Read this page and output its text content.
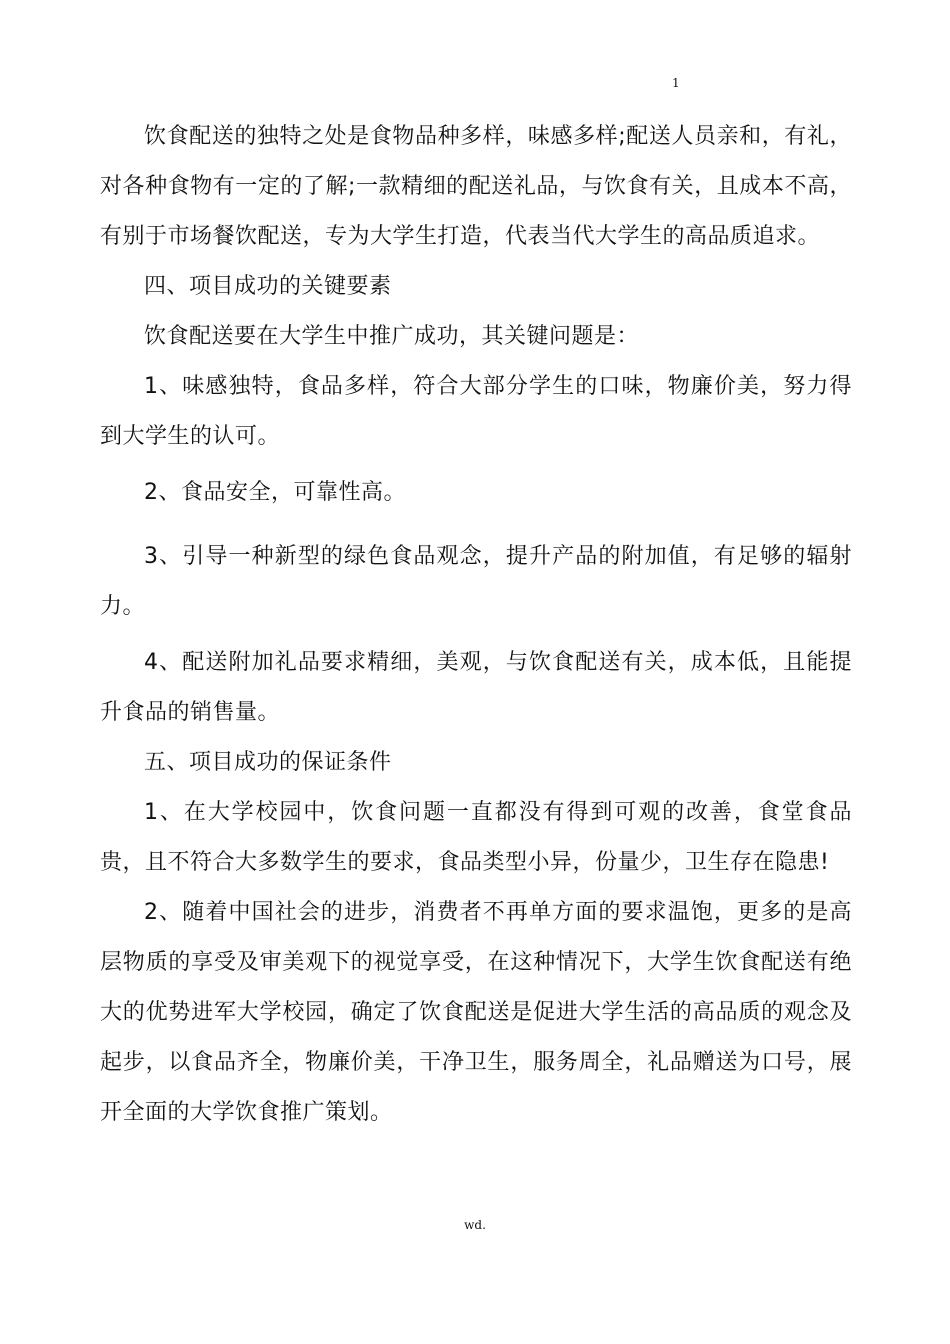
1

饮食配送的独特之处是食物品种多样，味感多样;配送人员亲和，有礼，对各种食物有一定的了解;一款精细的配送礼品，与饮食有关，且成本不高，有别于市场餐饮配送，专为大学生打造，代表当代大学生的高品质追求。

四、项目成功的关键要素

饮食配送要在大学生中推广成功，其关键问题是：

1、味感独特，食品多样，符合大部分学生的口味，物廉价美，努力得到大学生的认可。

2、食品安全，可靠性高。

3、引导一种新型的绿色食品观念，提升产品的附加值，有足够的辐射力。

4、配送附加礼品要求精细，美观，与饮食配送有关，成本低，且能提升食品的销售量。

五、项目成功的保证条件

1、在大学校园中，饮食问题一直都没有得到可观的改善，食堂食品贵，且不符合大多数学生的要求，食品类型小异，份量少，卫生存在隐患!

2、随着中国社会的进步，消费者不再单方面的要求温饱，更多的是高层物质的享受及审美观下的视觉享受，在这种情况下，大学生饮食配送有绝大的优势进军大学校园，确定了饮食配送是促进大学生活的高品质的观念及起步，以食品齐全，物廉价美，干净卫生，服务周全，礼品赠送为口号，展开全面的大学饮食推广策划。

wd.
